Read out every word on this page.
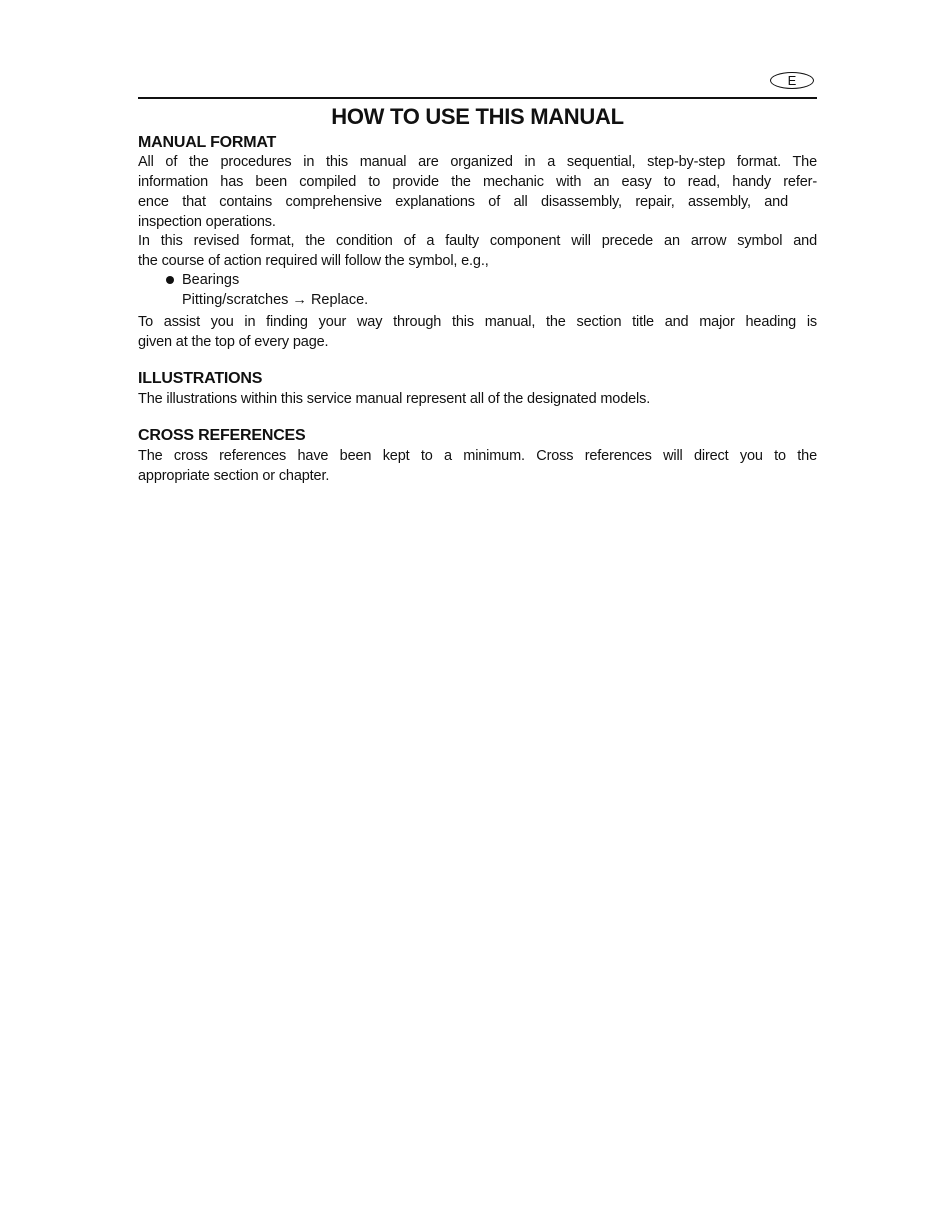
E
HOW TO USE THIS MANUAL
MANUAL FORMAT
All of the procedures in this manual are organized in a sequential, step-by-step format. The
information has been compiled to provide the mechanic with an easy to read, handy refer-
ence that contains comprehensive explanations of all disassembly, repair, assembly, and
inspection operations.
In this revised format, the condition of a faulty component will precede an arrow symbol and
the course of action required will follow the symbol, e.g.,
Bearings
Pitting/scratches → Replace.
To assist you in finding your way through this manual, the section title and major heading is
given at the top of every page.
ILLUSTRATIONS
The illustrations within this service manual represent all of the designated models.
CROSS REFERENCES
The cross references have been kept to a minimum. Cross references will direct you to the
appropriate section or chapter.
